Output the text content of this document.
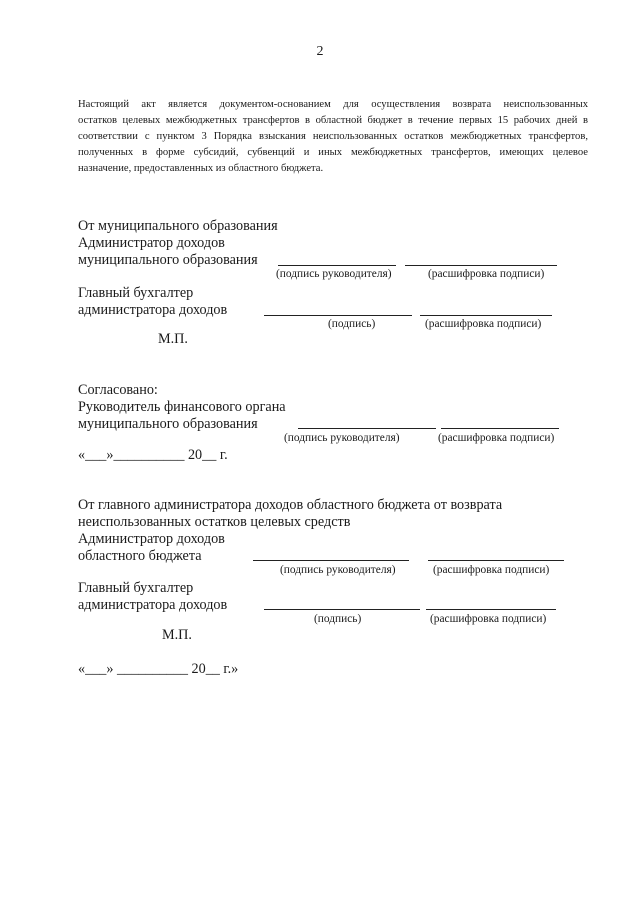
2
Настоящий акт является документом-основанием для осуществления возврата неиспользованных
остатков целевых межбюджетных трансфертов в областной бюджет в течение первых 15 рабочих дней в
соответствии с пунктом 3 Порядка взыскания неиспользованных остатков межбюджетных трансфертов,
полученных в форме субсидий, субвенций и иных межбюджетных трансфертов, имеющих целевое
назначение, предоставленных из областного бюджета.
От муниципального образования
Администратор доходов
муниципального образования
(подпись руководителя)	(расшифровка подписи)
Главный бухгалтер
администратора доходов
(подпись)	(расшифровка подписи)
М.П.
Согласовано:
Руководитель финансового органа
муниципального образования
(подпись руководителя)	(расшифровка подписи)
«___»__________ 20__ г.
От главного администратора доходов областного бюджета от возврата
неиспользованных остатков целевых средств
Администратор доходов
областного бюджета
(подпись руководителя)	(расшифровка подписи)
Главный бухгалтер
администратора доходов
(подпись)	(расшифровка подписи)
М.П.
«___» __________ 20__ г.»
